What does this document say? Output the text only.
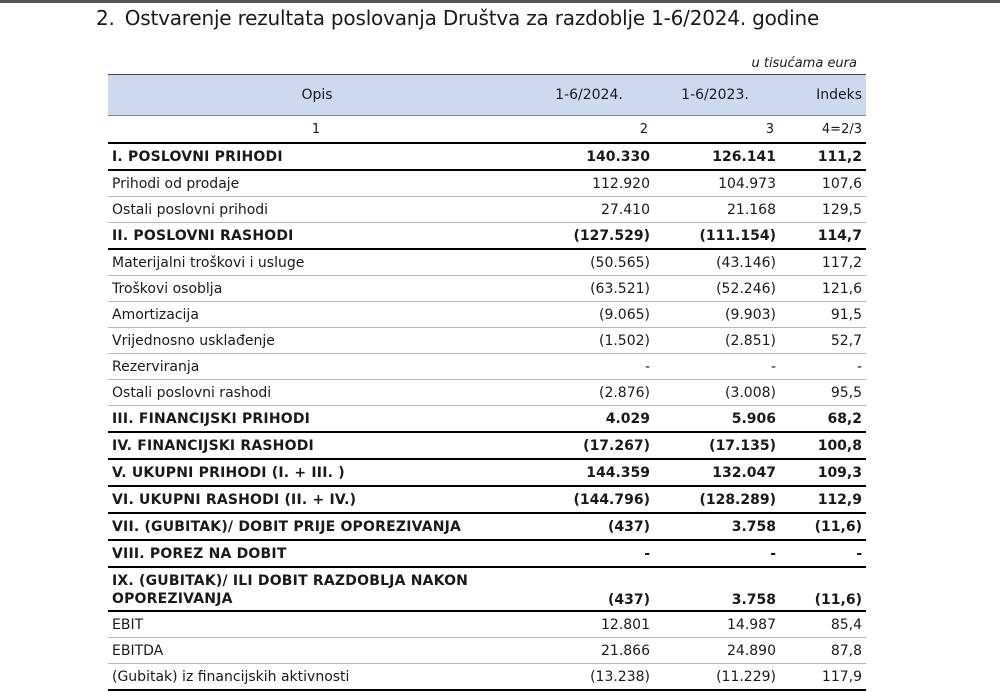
2. Ostvarenje rezultata poslovanja Društva za razdoblje 1-6/2024. godine
u tisućama eura
Opis	1-6/2024.	1-6/2023.	Indeks
1	2	3	4=2/3

I. POSLOVNI PRIHODI	140.330	126.141	111,2

Prihodi od prodaje	112.920	104.973	107,6

Ostali poslovni prihodi	27.410	21.168	129,5

II. POSLOVNI RASHODI	(127.529)	(111.154)	114,7

Materijalni troškovi i usluge	(50.565)	(43.146)	117,2

Troškovi osoblja	(63.521)	(52.246)	121,6

Amortizacija	(9.065)	(9.903)	91,5

Vrijednosno usklađenje	(1.502)	(2.851)	52,7

Rezerviranja	-	-	-

Ostali poslovni rashodi	(2.876)	(3.008)	95,5

III. FINANCIJSKI PRIHODI	4.029	5.906	68,2

IV. FINANCIJSKI RASHODI	(17.267)	(17.135)	100,8

V. UKUPNI PRIHODI (I. + III. )	144.359	132.047	109,3

VI. UKUPNI RASHODI (II. + IV.)	(144.796)	(128.289)	112,9

VII. (GUBITAK)/ DOBIT PRIJE OPOREZIVANJA	(437)	3.758	(11,6)

VIII. POREZ NA DOBIT	-	-	-

IX. (GUBITAK)/ ILI DOBIT RAZDOBLJA NAKON
OPOREZIVANJA	(437)	3.758	(11,6)

EBIT	12.801	14.987	85,4

EBITDA	21.866	24.890	87,8

(Gubitak) iz financijskih aktivnosti	(13.238)	(11.229)	117,9
